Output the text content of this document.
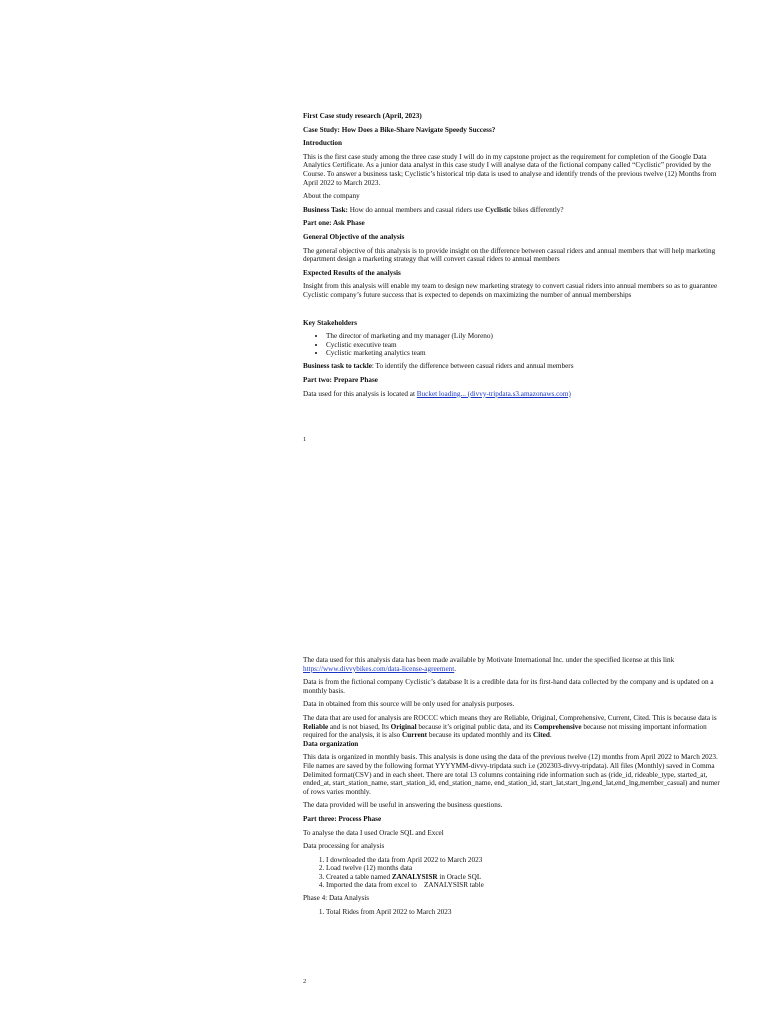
First Case study research (April, 2023)

Case Study: How Does a Bike-Share Navigate Speedy Success?

Introduction

This is the first case study among the three case study I will do in my capstone project as the requirement for completion of the Google Data Analytics Certificate. As a junior data analyst in this case study I will analyse data of the fictional company called “Cyclistic” provided by the Course. To answer a business task; Cyclistic’s historical trip data is used to analyse and identify trends of the previous twelve (12) Months from April 2022 to March 2023.

About the company

Business Task: How do annual members and casual riders use Cyclistic bikes differently?

Part one: Ask Phase

General Objective of the analysis

The general objective of this analysis is to provide insight on the difference between casual riders and annual members that will help marketing department design a marketing strategy that will convert casual riders to annual members

Expected Results of the analysis

Insight from this analysis will enable my team to design new marketing strategy to convert casual riders into annual members so as to guarantee Cyclistic company’s future success that is expected to depends on maximizing the number of annual memberships

Key Stakeholders

• The director of marketing and my manager (Lily Moreno)
• Cyclistic executive team
• Cyclistic marketing analytics team

Business task to tackle: To identify the difference between casual riders and annual members

Part two: Prepare Phase

Data used for this analysis is located at Bucket loading... (divvy-tripdata.s3.amazonaws.com)

1

The data used for this analysis data has been made available by Motivate International Inc. under the specified license at this link https://www.divvybikes.com/data-license-agreement.

Data is from the fictional company Cyclistic’s database It is a credible data for its first-hand data collected by the company and is updated on a monthly basis.

Data in obtained from this source will be only used for analysis purposes.

The data that are used for analysis are ROCCC which means they are Reliable, Original, Comprehensive, Current, Cited. This is because data is Reliable and is not biased, Its Original because it’s original public data, and its Comprehensive because not missing important information required for the analysis, it is also Current because its updated monthly and its Cited.

Data organization

This data is organized in monthly basis. This analysis is done using the data of the previous twelve (12) months from April 2022 to March 2023. File names are saved by the following format YYYYMM-divvy-tripdata such i.e (202303-divvy-tripdata). All files (Monthly) saved in Comma Delimited format(CSV) and in each sheet. There are total 13 columns containing ride information such as (ride_id, rideable_type, started_at, ended_at, start_station_name, start_station_id, end_station_name, end_station_id, start_lat,start_lng,end_lat,end_lng,member_casual) and numer of rows varies monthly.

The data provided will be useful in answering the business questions.

Part three: Process Phase

To analyse the data I used Oracle SQL and Excel

Data processing for analysis

1. I downloaded the data from April 2022 to March 2023
2. Load twelve (12) months data
3. Created a table named ZANALYSISR in Oracle SQL
4. Imported the data from excel to    ZANALYSISR table

Phase 4: Data Analysis

1. Total Rides from April 2022 to March 2023
2
